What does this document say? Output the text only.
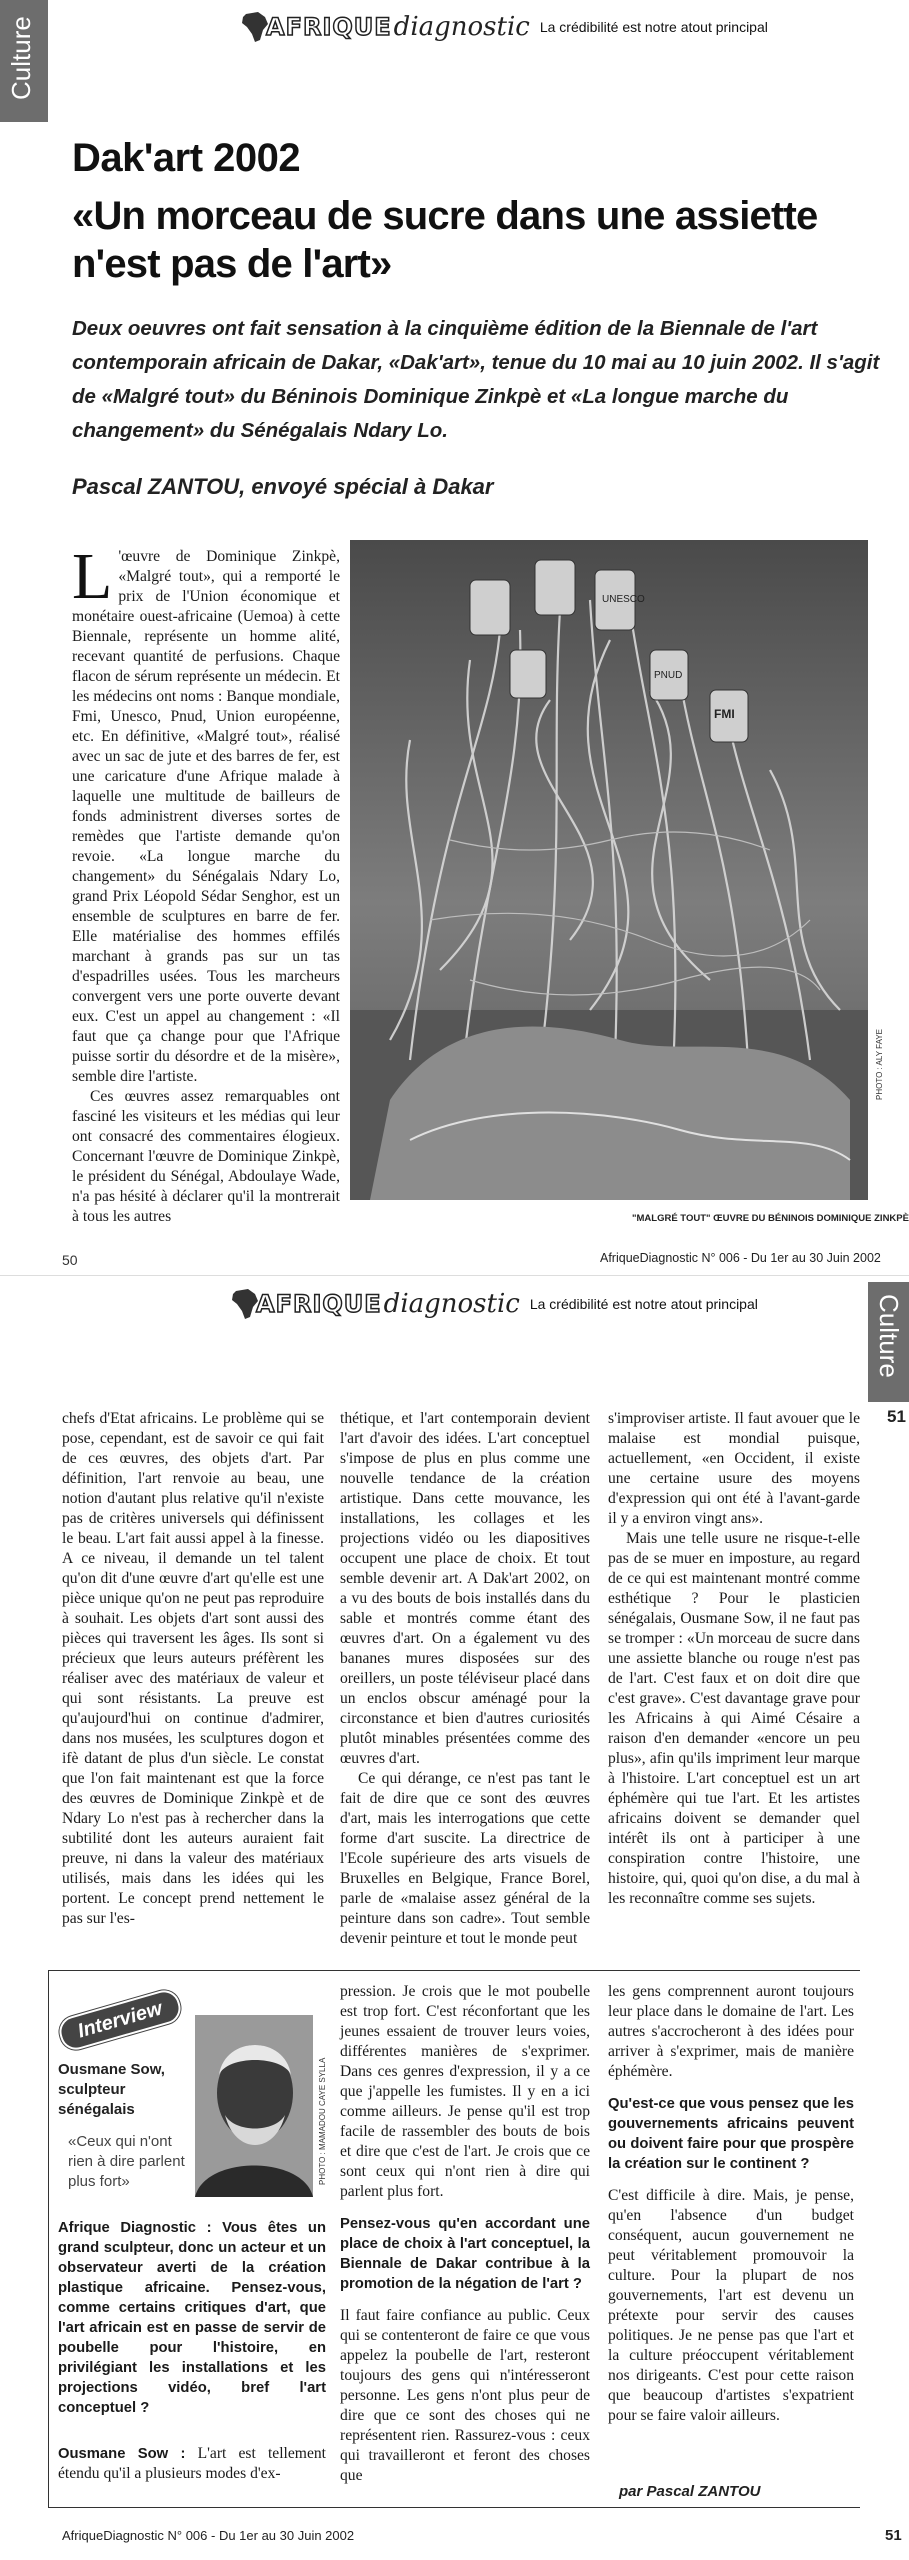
Culture	AFRIQUE diagnostic La crédibilité est notre atout principal
Dak'art 2002
«Un morceau de sucre dans une assiette n'est pas de l'art»
Deux oeuvres ont fait sensation à la cinquième édition de la Biennale de l'art contemporain africain de Dakar, «Dak'art», tenue du 10 mai au 10 juin 2002. Il s'agit de «Malgré tout» du Béninois Dominique Zinkpè et «La longue marche du changement» du Sénégalais Ndary Lo.
Pascal ZANTOU, envoyé spécial à Dakar

L 'œuvre de Dominique Zinkpè, «Malgré tout», qui a remporté le prix de l'Union économique et monétaire ouest-africaine (Uemoa) à cette Biennale, représente un homme alité, recevant quantité de perfusions. Chaque flacon de sérum représente un médecin. Et les médecins ont noms : Banque mondiale, Fmi, Unesco, Pnud, Union européenne, etc. En définitive, «Malgré tout», réalisé avec un sac de jute et des barres de fer, est une caricature d'une Afrique malade à laquelle une multitude de bailleurs de fonds administrent diverses sortes de remèdes que l'artiste demande qu'on revoie. «La longue marche du changement» du Sénégalais Ndary Lo, grand Prix Léopold Sédar Senghor, est un ensemble de sculptures en barre de fer. Elle matérialise des hommes effilés marchant à grands pas sur un tas d'espadrilles usées. Tous les marcheurs convergent vers une porte ouverte devant eux. C'est un appel au changement : «Il faut que ça change pour que l'Afrique puisse sortir du désordre et de la misère», semble dire l'artiste.

Ces œuvres assez remarquables ont fasciné les visiteurs et les médias qui leur ont consacré des commentaires élogieux. Concernant l'œuvre de Dominique Zinkpè, le président du Sénégal, Abdoulaye Wade, n'a pas hésité à déclarer qu'il la montrerait à tous les autres

UNESCO
FMI
PNUD
PHOTO : ALY FAYE
"MALGRÉ TOUT" ŒUVRE DU BÉNINOIS DOMINIQUE ZINKPÈ
50	AfriqueDiagnostic N° 006 - Du 1er au 30 Juin 2002
AFRIQUE diagnostic La crédibilité est notre atout principal	Culture
51

chefs d'Etat africains. Le problème qui se pose, cependant, est de savoir ce qui fait de ces œuvres, des objets d'art. Par définition, l'art renvoie au beau, une notion d'autant plus relative qu'il n'existe pas de critères universels qui définissent le beau. L'art fait aussi appel à la finesse. A ce niveau, il demande un tel talent qu'on dit d'une œuvre d'art qu'elle est une pièce unique qu'on ne peut pas reproduire à souhait. Les objets d'art sont aussi des pièces qui traversent les âges. Ils sont si précieux que leurs auteurs préfèrent les réaliser avec des matériaux de valeur et qui sont résistants. La preuve est qu'aujourd'hui on continue d'admirer, dans nos musées, les sculptures dogon et ifè datant de plus d'un siècle. Le constat que l'on fait maintenant est que la force des œuvres de Dominique Zinkpè et de Ndary Lo n'est pas à rechercher dans la subtilité dont les auteurs auraient fait preuve, ni dans la valeur des matériaux utilisés, mais dans les idées qui les portent. Le concept prend nettement le pas sur l'es-

thétique, et l'art contemporain devient l'art d'avoir des idées. L'art conceptuel s'impose de plus en plus comme une nouvelle tendance de la création artistique. Dans cette mouvance, les installations, les collages et les projections vidéo ou les diapositives occupent une place de choix. Et tout semble devenir art. A Dak'art 2002, on a vu des bouts de bois installés dans du sable et montrés comme étant des œuvres d'art. On a également vu des bananes mures disposées sur des oreillers, un poste téléviseur placé dans un enclos obscur aménagé pour la circonstance et bien d'autres curiosités plutôt minables présentées comme des œuvres d'art.

Ce qui dérange, ce n'est pas tant le fait de dire que ce sont des œuvres d'art, mais les interrogations que cette forme d'art suscite. La directrice de l'Ecole supérieure des arts visuels de Bruxelles en Belgique, France Borel, parle de «malaise assez général de la peinture dans son cadre». Tout semble devenir peinture et tout le monde peut

s'improviser artiste. Il faut avouer que le malaise est mondial puisque, actuellement, «en Occident, il existe une certaine usure des moyens d'expression qui ont été à l'avant-garde il y a environ vingt ans».

Mais une telle usure ne risque-t-elle pas de se muer en imposture, au regard de ce qui est maintenant montré comme esthétique ? Pour le plasticien sénégalais, Ousmane Sow, il ne faut pas se tromper : «Un morceau de sucre dans une assiette blanche ou rouge n'est pas de l'art. C'est faux et on doit dire que c'est grave». C'est davantage grave pour les Africains à qui Aimé Césaire a raison d'en demander «encore un peu plus», afin qu'ils impriment leur marque à l'histoire. L'art conceptuel est un art éphémère qui tue l'art. Et les artistes africains doivent se demander quel intérêt ils ont à participer à une conspiration contre l'histoire, une histoire, qui, quoi qu'on dise, a du mal à les reconnaître comme ses sujets.

Interview
Ousmane Sow, sculpteur sénégalais
«Ceux qui n'ont rien à dire parlent plus fort»	PHOTO : MAMADOU CAYE SYLLA
Afrique Diagnostic : Vous êtes un grand sculpteur, donc un acteur et un observateur averti de la création plastique africaine. Pensez-vous, comme certains critiques d'art, que l'art africain est en passe de servir de poubelle pour l'histoire, en privilégiant les installations et les projections vidéo, bref l'art conceptuel ?
Ousmane Sow : L'art est tellement étendu qu'il a plusieurs modes d'ex-

pression. Je crois que le mot poubelle est trop fort. C'est réconfortant que les jeunes essaient de trouver leurs voies, différentes manières de s'exprimer. Dans ces genres d'expression, il y a ce que j'appelle les fumistes. Il y en a ici comme ailleurs. Je pense qu'il est trop facile de rassembler des bouts de bois et dire que c'est de l'art. Je crois que ce sont ceux qui n'ont rien à dire qui parlent plus fort.

Pensez-vous qu'en accordant une place de choix à l'art conceptuel, la Biennale de Dakar contribue à la promotion de la négation de l'art ?

Il faut faire confiance au public. Ceux qui se contenteront de faire ce que vous appelez la poubelle de l'art, resteront toujours des gens qui n'intéresseront personne. Les gens n'ont plus peur de dire que ce sont des choses qui ne représentent rien. Rassurez-vous : ceux qui travailleront et feront des choses que

les gens comprennent auront toujours leur place dans le domaine de l'art. Les autres s'accrocheront à des idées pour arriver à s'exprimer, mais de manière éphémère.

Qu'est-ce que vous pensez que les gouvernements africains peuvent ou doivent faire pour que prospère la création sur le continent ?

C'est difficile à dire. Mais, je pense, qu'en l'absence d'un budget conséquent, aucun gouvernement ne peut véritablement promouvoir la culture. Pour la plupart de nos gouvernements, l'art est devenu un prétexte pour servir des causes politiques. Je ne pense pas que l'art et la culture préoccupent véritablement nos dirigeants. C'est pour cette raison que beaucoup d'artistes s'expatrient pour se faire valoir ailleurs.

par Pascal ZANTOU
AfriqueDiagnostic N° 006 - Du 1er au 30 Juin 2002	51
